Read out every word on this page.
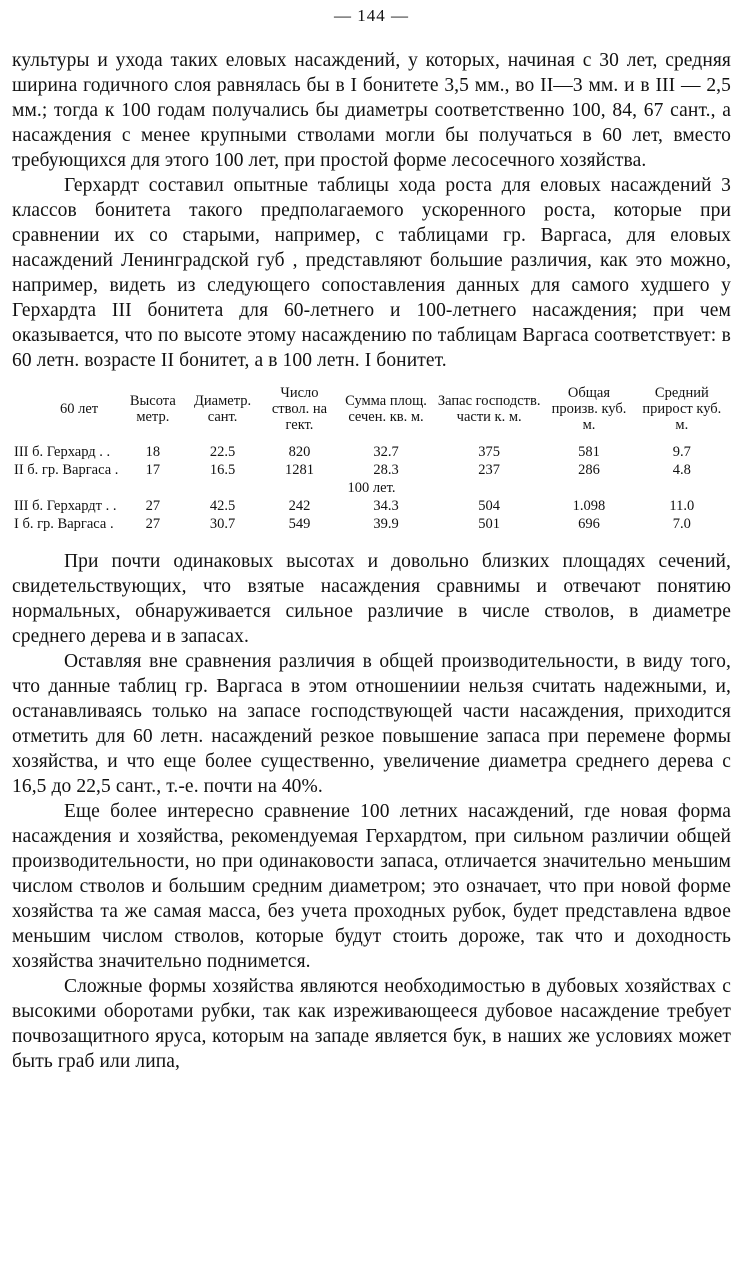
— 144 —

культуры и ухода таких еловых насаждений, у которых, начиная с 30 лет, средняя ширина годичного слоя равнялась бы в I бонитете 3,5 мм., во II—3 мм. и в III — 2,5 мм.; тогда к 100 годам получались бы диаметры соответственно 100, 84, 67 сант., а насаждения с менее крупными стволами могли бы получаться в 60 лет, вместо требующихся для этого 100 лет, при простой форме лесосечного хозяйства.

Герхардт составил опытные таблицы хода роста для еловых насаждений 3 классов бонитета такого предполагаемого ускоренного роста, которые при сравнении их со старыми, например, с таблицами гр. Варгаса, для еловых насаждений Ленинградской губ , представляют большие различия, как это можно, например, видеть из следующего сопоставления данных для самого худшего у Герхардта III бонитета для 60-летнего и 100-летнего насаждения; при чем оказывается, что по высоте этому насаждению по таблицам Варгаса соответствует: в 60 летн. возрасте II бонитет, а в 100 летн. I бонитет.

60 лет	Высота метр.	Диаметр. сант.	Число ствол. на гект.	Сумма площ. сечен. кв. м.	Запас господств. части к. м.	Общая произв. куб. м.	Средний прирост куб. м.
III б. Герхард . .	18	22.5	820	32.7	375	581	9.7
II б. гр. Варгаса .	17	16.5	1281	28.3	237	286	4.8
100 лет.							
III б. Герхардт . .	27	42.5	242	34.3	504	1.098	11.0
I б. гр. Варгаса .	27	30.7	549	39.9	501	696	7.0

При почти одинаковых высотах и довольно близких площадях сечений, свидетельствующих, что взятые насаждения сравнимы и отвечают понятию нормальных, обнаруживается сильное различие в числе стволов, в диаметре среднего дерева и в запасах.

Оставляя вне сравнения различия в общей производительности, в виду того, что данные таблиц гр. Варгаса в этом отношениии нельзя считать надежными, и, останавливаясь только на запасе господствующей части насаждения, приходится отметить для 60 летн. насаждений резкое повышение запаса при перемене формы хозяйства, и что еще более существенно, увеличение диаметра среднего дерева с 16,5 до 22,5 сант., т.-е. почти на 40%.

Еще более интересно сравнение 100 летних насаждений, где новая форма насаждения и хозяйства, рекомендуемая Герхардтом, при сильном различии общей производительности, но при одинаковости запаса, отличается значительно меньшим числом стволов и большим средним диаметром; это означает, что при новой форме хозяйства та же самая масса, без учета проходных рубок, будет представлена вдвое меньшим числом стволов, которые будут стоить дороже, так что и доходность хозяйства значительно поднимется.

Сложные формы хозяйства являются необходимостью в дубовых хозяйствах с высокими оборотами рубки, так как изреживающееся дубовое насаждение требует почвозащитного яруса, которым на западе является бук, в наших же условиях может быть граб или липа,
